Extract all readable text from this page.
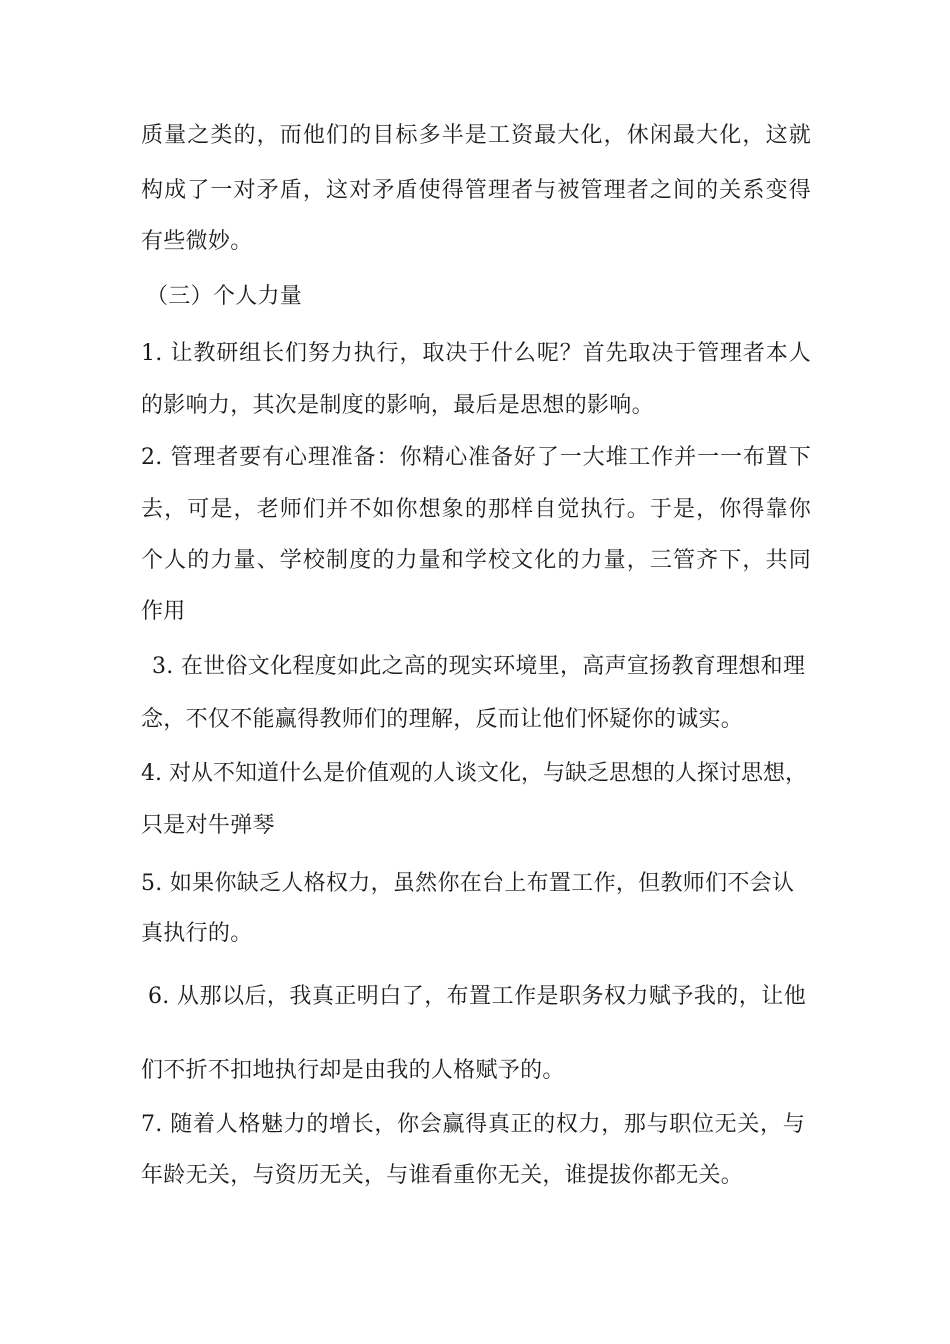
质量之类的，而他们的目标多半是工资最大化，休闲最大化，这就
构成了一对矛盾，这对矛盾使得管理者与被管理者之间的关系变得
有些微妙。
（三）个人力量
1. 让教研组长们努力执行，取决于什么呢？首先取决于管理者本人
的影响力，其次是制度的影响，最后是思想的影响。
2. 管理者要有心理准备：你精心准备好了一大堆工作并一一布置下
去，可是，老师们并不如你想象的那样自觉执行。于是，你得靠你
个人的力量、学校制度的力量和学校文化的力量，三管齐下，共同
作用
3. 在世俗文化程度如此之高的现实环境里，高声宣扬教育理想和理
念，不仅不能赢得教师们的理解，反而让他们怀疑你的诚实。
4. 对从不知道什么是价值观的人谈文化，与缺乏思想的人探讨思想，
只是对牛弹琴
5. 如果你缺乏人格权力，虽然你在台上布置工作，但教师们不会认
真执行的。
6. 从那以后，我真正明白了，布置工作是职务权力赋予我的，让他
们不折不扣地执行却是由我的人格赋予的。
7. 随着人格魅力的增长，你会赢得真正的权力，那与职位无关，与
年龄无关，与资历无关，与谁看重你无关，谁提拔你都无关。
